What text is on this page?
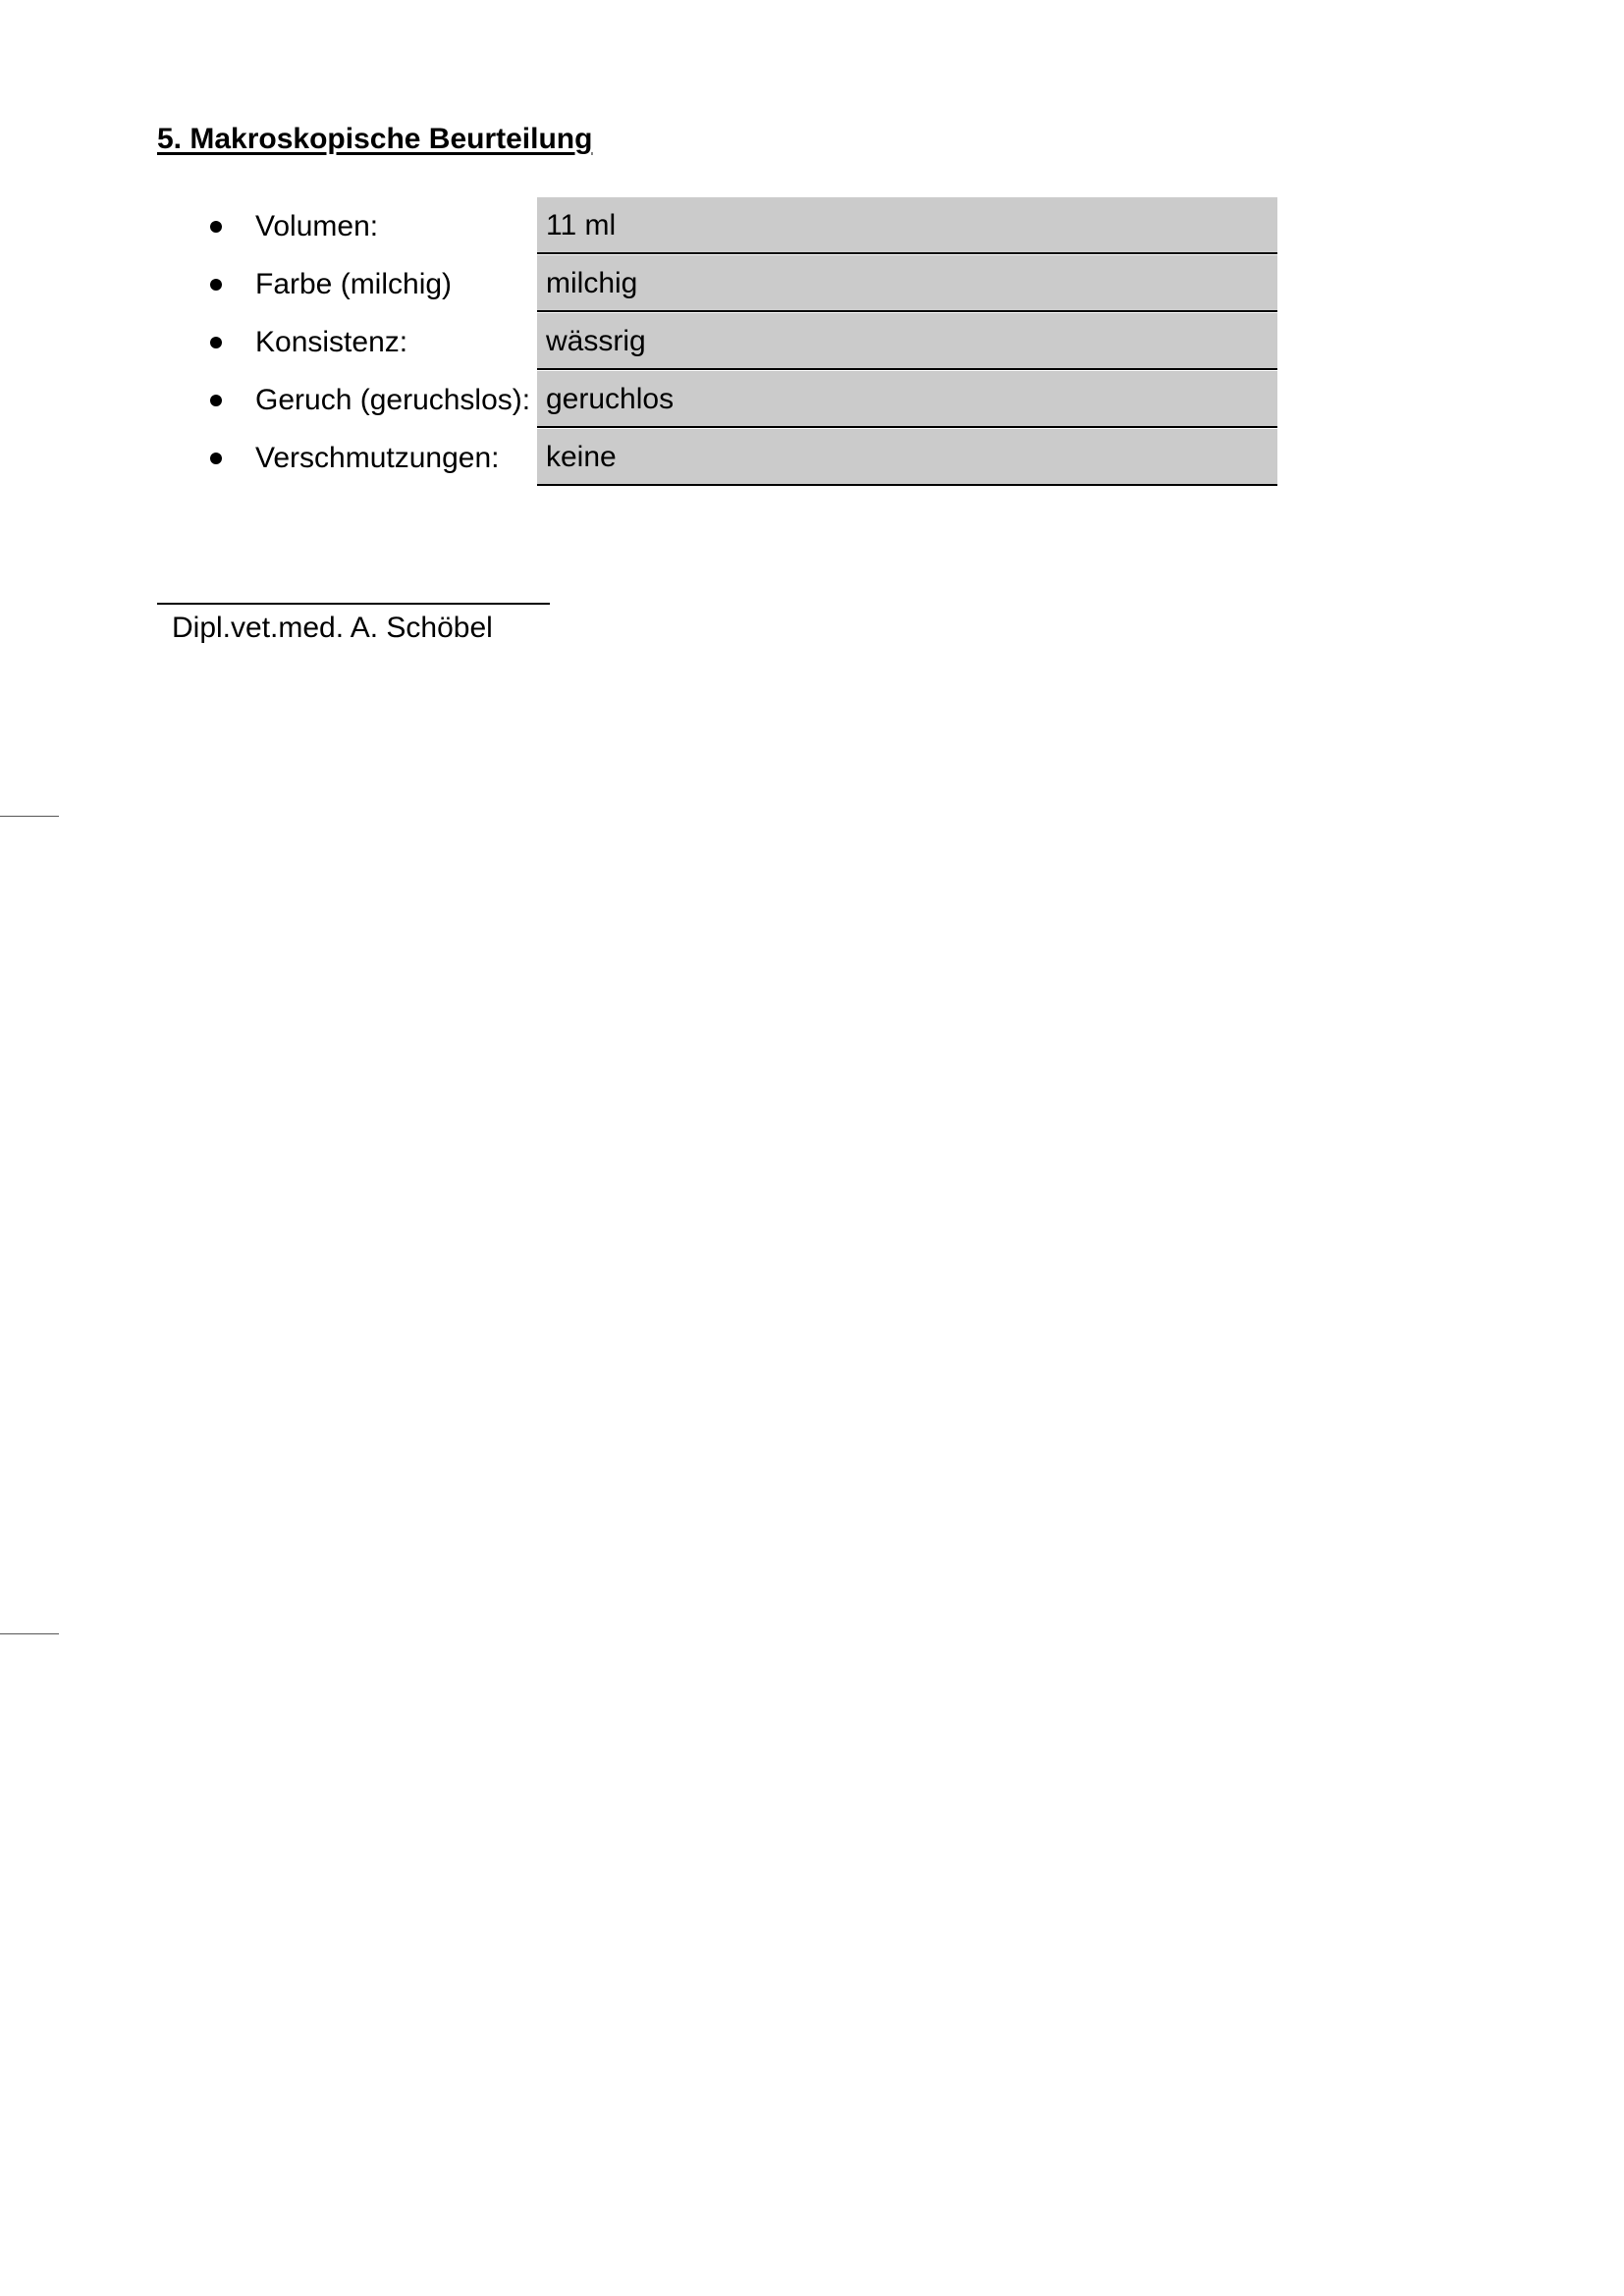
5. Makroskopische Beurteilung
Volumen:	11 ml
Farbe (milchig)	milchig
Konsistenz:	wässrig
Geruch (geruchslos): geruchlos
Verschmutzungen: keine
Dipl.vet.med. A. Schöbel
